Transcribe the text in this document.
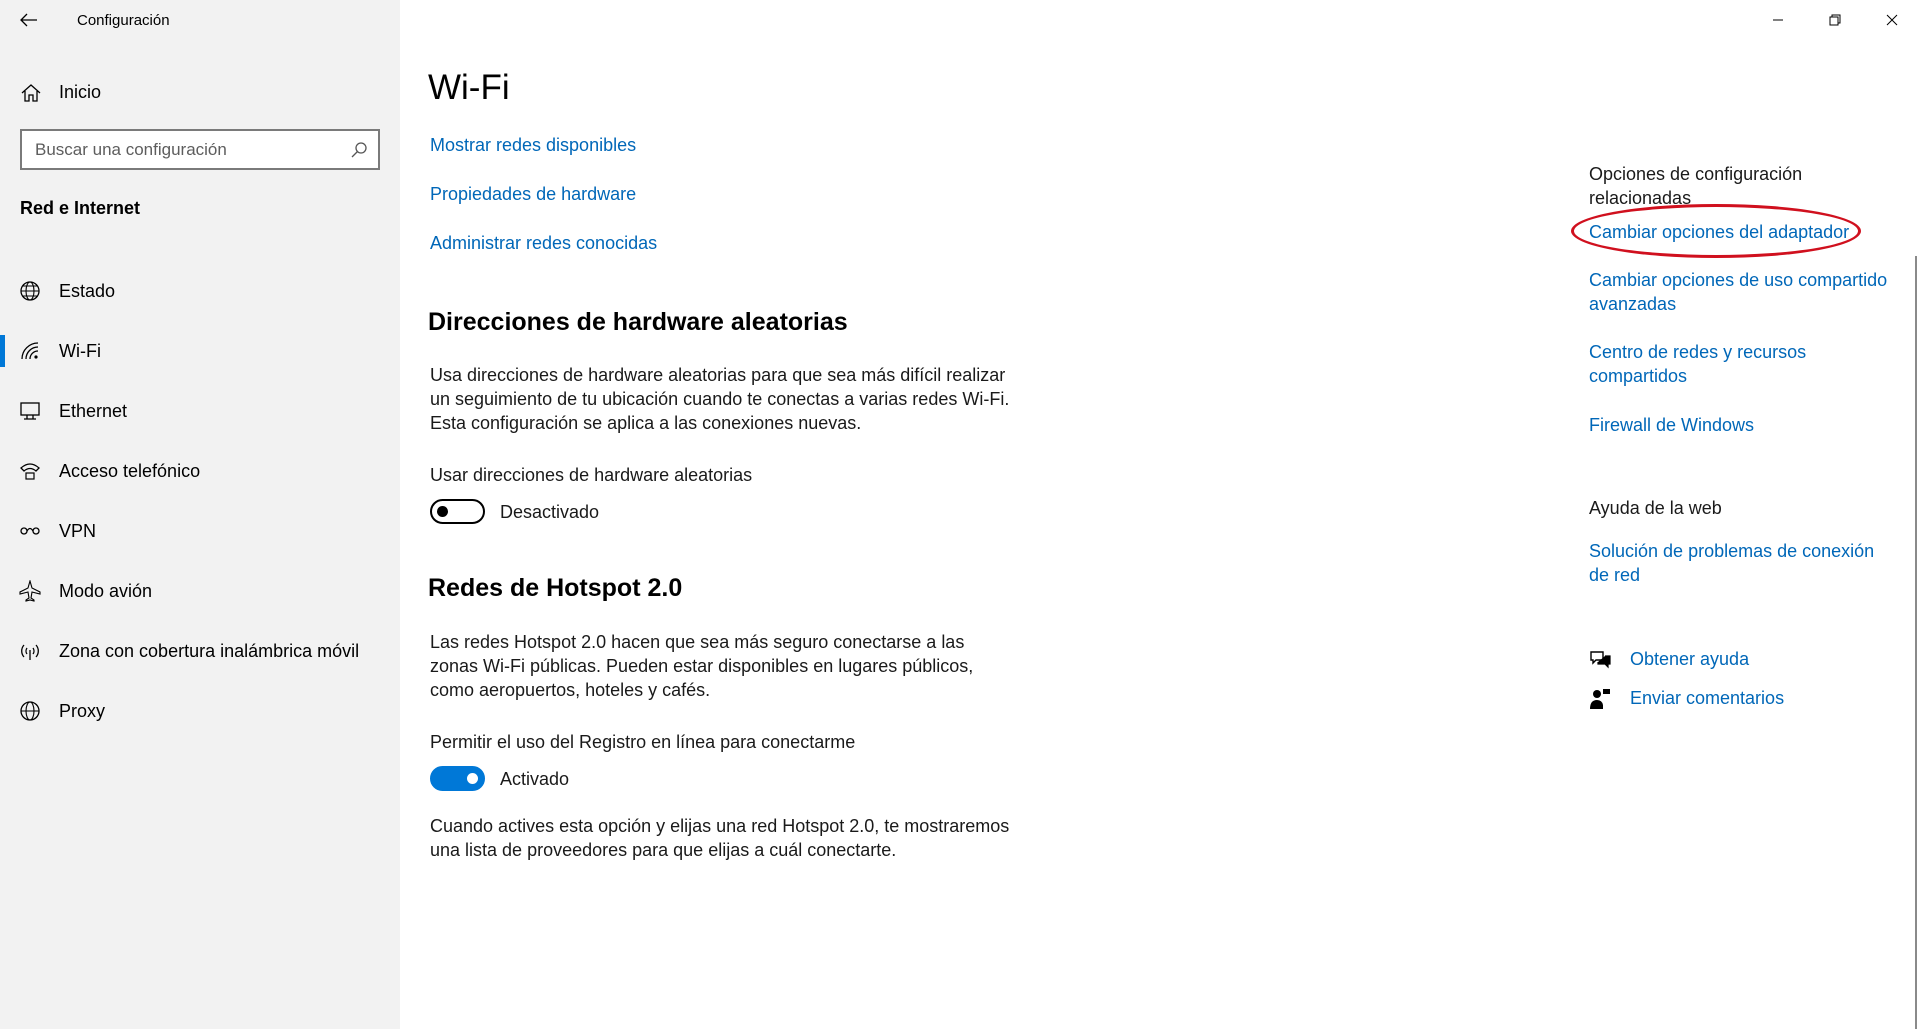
Configuración
Inicio
Buscar una configuración
Red e Internet
Estado
Wi-Fi
Ethernet
Acceso telefónico
VPN
Modo avión
Zona con cobertura inalámbrica móvil
Proxy
Wi-Fi
Mostrar redes disponibles
Propiedades de hardware
Administrar redes conocidas
Direcciones de hardware aleatorias

Usa direcciones de hardware aleatorias para que sea más difícil realizar un seguimiento de tu ubicación cuando te conectas a varias redes Wi-Fi. Esta configuración se aplica a las conexiones nuevas.

Usar direcciones de hardware aleatorias
Desactivado
Redes de Hotspot 2.0

Las redes Hotspot 2.0 hacen que sea más seguro conectarse a las zonas Wi-Fi públicas. Pueden estar disponibles en lugares públicos, como aeropuertos, hoteles y cafés.

Permitir el uso del Registro en línea para conectarme
Activado

Cuando actives esta opción y elijas una red Hotspot 2.0, te mostraremos una lista de proveedores para que elijas a cuál conectarte.

Opciones de configuración relacionadas
Cambiar opciones del adaptador
Cambiar opciones de uso compartido avanzadas
Centro de redes y recursos compartidos
Firewall de Windows
Ayuda de la web
Solución de problemas de conexión de red
Obtener ayuda
Enviar comentarios
